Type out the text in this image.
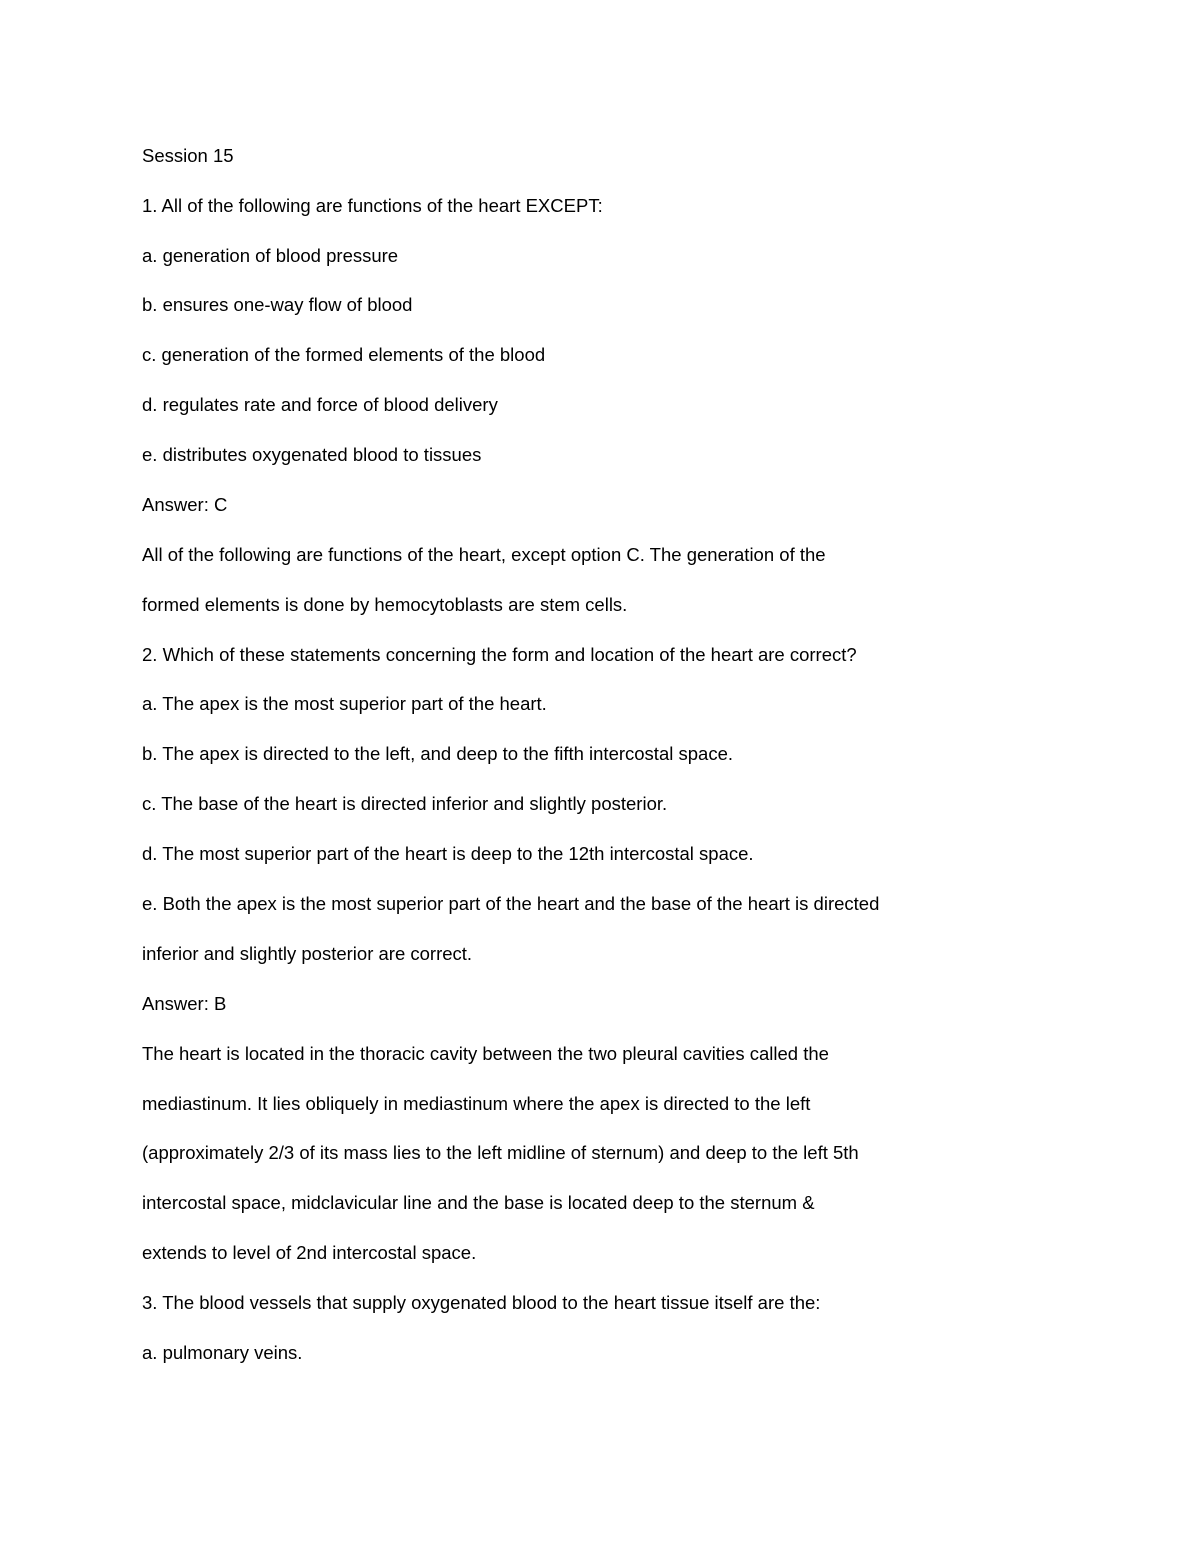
Session 15

1. All of the following are functions of the heart EXCEPT:

a. generation of blood pressure

b. ensures one-way flow of blood

c. generation of the formed elements of the blood

d. regulates rate and force of blood delivery

e. distributes oxygenated blood to tissues

Answer: C

All of the following are functions of the heart, except option C. The generation of the

formed elements is done by hemocytoblasts are stem cells.

2. Which of these statements concerning the form and location of the heart are correct?

a. The apex is the most superior part of the heart.

b. The apex is directed to the left, and deep to the fifth intercostal space.

c. The base of the heart is directed inferior and slightly posterior.

d. The most superior part of the heart is deep to the 12th intercostal space.

e. Both the apex is the most superior part of the heart and the base of the heart is directed

inferior and slightly posterior are correct.

Answer: B

The heart is located in the thoracic cavity between the two pleural cavities called the

mediastinum. It lies obliquely in mediastinum where the apex is directed to the left

(approximately 2/3 of its mass lies to the left midline of sternum) and deep to the left 5th

intercostal space, midclavicular line and the base is located deep to the sternum &

extends to level of 2nd intercostal space.

3. The blood vessels that supply oxygenated blood to the heart tissue itself are the:

a. pulmonary veins.
